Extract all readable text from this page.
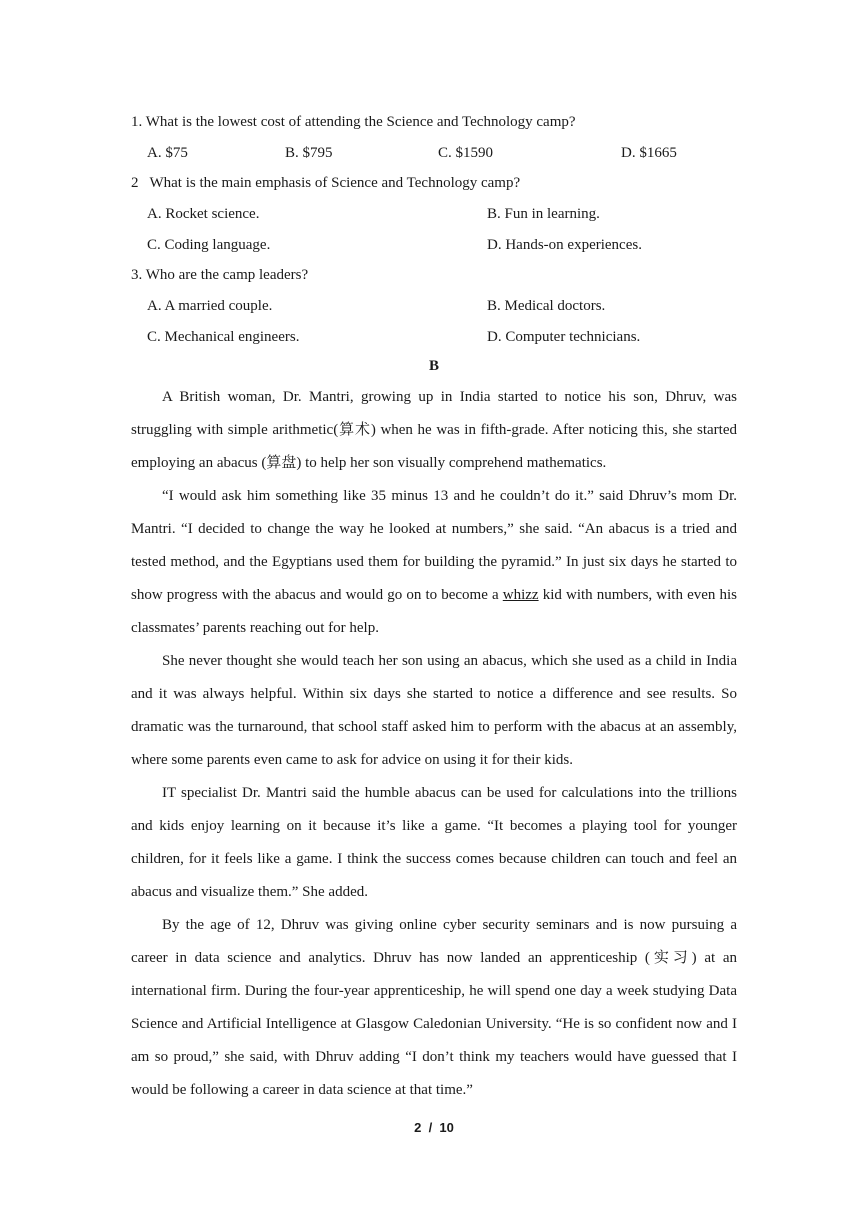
1. What is the lowest cost of attending the Science and Technology camp?
A. $75	B. $795	C. $1590	D. $1665
2   What is the main emphasis of Science and Technology camp?
A. Rocket science.	B. Fun in learning.
C. Coding language.	D. Hands-on experiences.
3. Who are the camp leaders?
A. A married couple.	B. Medical doctors.
C. Mechanical engineers.	D. Computer technicians.
B

A British woman, Dr. Mantri, growing up in India started to notice his son, Dhruv, was struggling with simple arithmetic(算术) when he was in fifth-grade. After noticing this, she started employing an abacus (算盘) to help her son visually comprehend mathematics.

“I would ask him something like 35 minus 13 and he couldn’t do it.” said Dhruv’s mom Dr. Mantri. “I decided to change the way he looked at numbers,” she said. “An abacus is a tried and tested method, and the Egyptians used them for building the pyramid.” In just six days he started to show progress with the abacus and would go on to become a whizz kid with numbers, with even his classmates’ parents reaching out for help.

She never thought she would teach her son using an abacus, which she used as a child in India and it was always helpful. Within six days she started to notice a difference and see results. So dramatic was the turnaround, that school staff asked him to perform with the abacus at an assembly, where some parents even came to ask for advice on using it for their kids.

IT specialist Dr. Mantri said the humble abacus can be used for calculations into the trillions and kids enjoy learning on it because it’s like a game. “It becomes a playing tool for younger children, for it feels like a game. I think the success comes because children can touch and feel an abacus and visualize them.” She added.

By the age of 12, Dhruv was giving online cyber security seminars and is now pursuing a career in data science and analytics. Dhruv has now landed an apprenticeship (实习) at an international firm. During the four-year apprenticeship, he will spend one day a week studying Data Science and Artificial Intelligence at Glasgow Caledonian University. “He is so confident now and I am so proud,” she said, with Dhruv adding “I don’t think my teachers would have guessed that I would be following a career in data science at that time.”

2  /  10
